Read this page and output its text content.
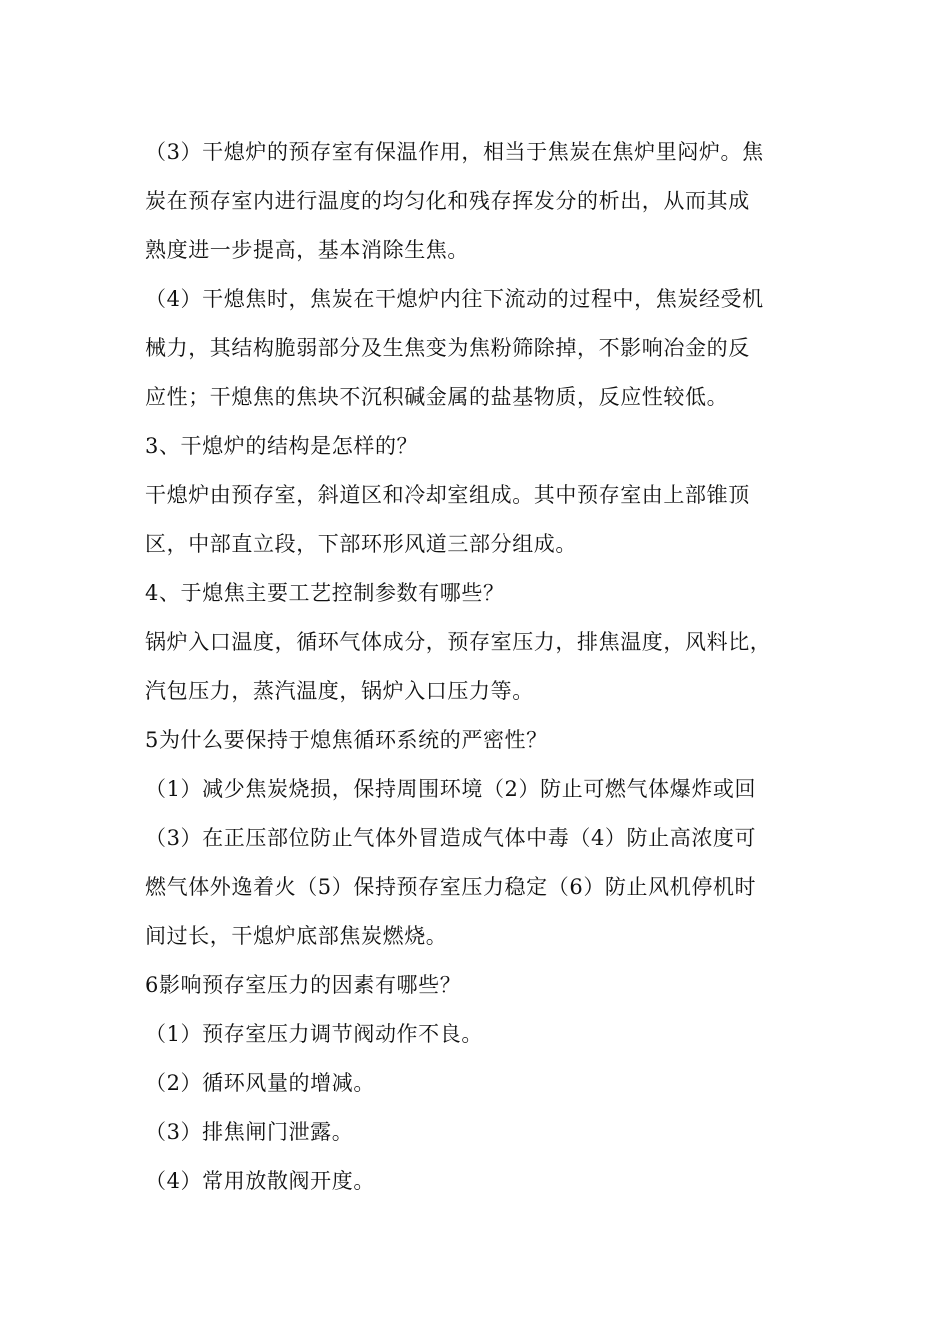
（3）干熄炉的预存室有保温作用，相当于焦炭在焦炉里闷炉。焦
炭在预存室内进行温度的均匀化和残存挥发分的析出，从而其成
熟度进一步提高，基本消除生焦。
（4）干熄焦时，焦炭在干熄炉内往下流动的过程中，焦炭经受机
械力，其结构脆弱部分及生焦变为焦粉筛除掉，不影响冶金的反
应性；干熄焦的焦块不沉积碱金属的盐基物质，反应性较低。
3、干熄炉的结构是怎样的？
干熄炉由预存室，斜道区和冷却室组成。其中预存室由上部锥顶
区，中部直立段，下部环形风道三部分组成。
4、于熄焦主要工艺控制参数有哪些？
锅炉入口温度，循环气体成分，预存室压力，排焦温度，风料比，
汽包压力，蒸汽温度，锅炉入口压力等。
5为什么要保持于熄焦循环系统的严密性？
（1）减少焦炭烧损，保持周围环境（2）防止可燃气体爆炸或回
（3）在正压部位防止气体外冒造成气体中毒（4）防止高浓度可
燃气体外逸着火（5）保持预存室压力稳定（6）防止风机停机时
间过长，干熄炉底部焦炭燃烧。
6影响预存室压力的因素有哪些？
（1）预存室压力调节阀动作不良。
（2）循环风量的增减。
（3）排焦闸门泄露。
（4）常用放散阀开度。
